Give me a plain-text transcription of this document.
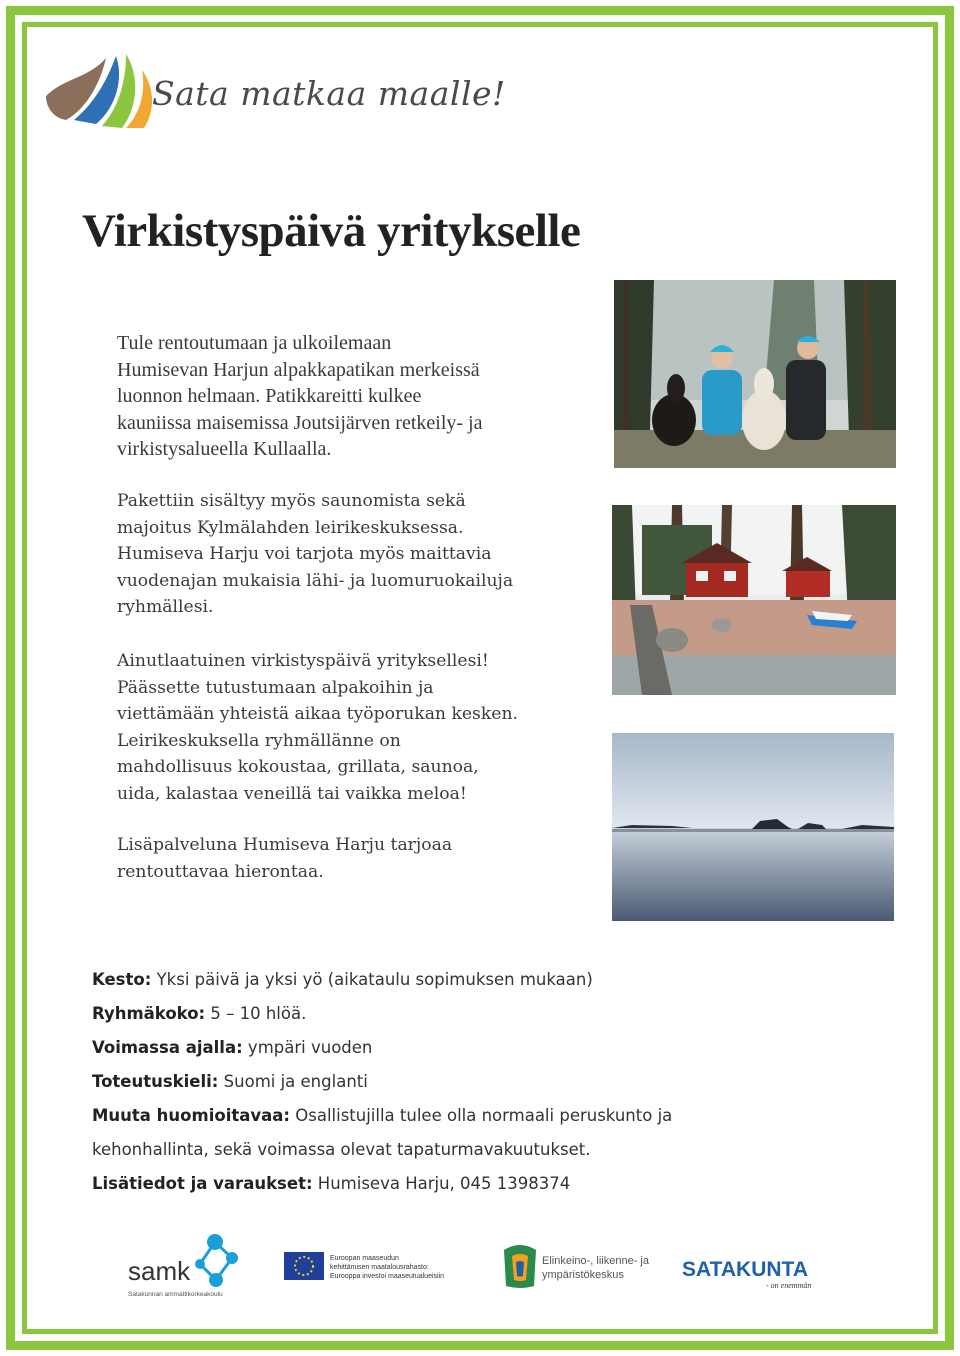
Sata matkaa maalle!
Virkistyspäivä yritykselle
Tule rentoutumaan ja ulkoilemaan
Humisevan Harjun alpakkapatikan merkeissä
luonnon helmaan. Patikkareitti kulkee
kauniissa maisemissa Joutsijärven retkeily- ja
virkistysalueella Kullaalla.
Pakettiin sisältyy myös saunomista sekä
majoitus Kylmälahden leirikeskuksessa.
Humiseva Harju voi tarjota myös maittavia
vuodenajan mukaisia lähi- ja luomuruokailuja
ryhmällesi.
Ainutlaatuinen virkistyspäivä yrityksellesi!
Päässette tutustumaan alpakoihin ja
viettämään yhteistä aikaa työporukan kesken.
Leirikeskuksella ryhmällänne on
mahdollisuus kokoustaa, grillata, saunoa,
uida, kalastaa veneillä tai vaikka meloa!
Lisäpalveluna Humiseva Harju tarjoaa
rentouttavaa hierontaa.
Kesto: Yksi päivä ja yksi yö (aikataulu sopimuksen mukaan)
Ryhmäkoko: 5 – 10 hlöä.
Voimassa ajalla: ympäri vuoden
Toteutuskieli: Suomi ja englanti
Muuta huomioitavaa: Osallistujilla tulee olla normaali peruskunto ja
kehonhallinta, sekä voimassa olevat tapaturmavakuutukset.
Lisätiedot ja varaukset: Humiseva Harju, 045 1398374
samk
Satakunnan ammattikorkeakoulu
Euroopan maaseudun
kehittämisen maatalousrahasto:
Eurooppa investoi maaseutualueisiin
Elinkeino-, liikenne- ja
ympäristökeskus	SATAKUNTA
- on enemmän
